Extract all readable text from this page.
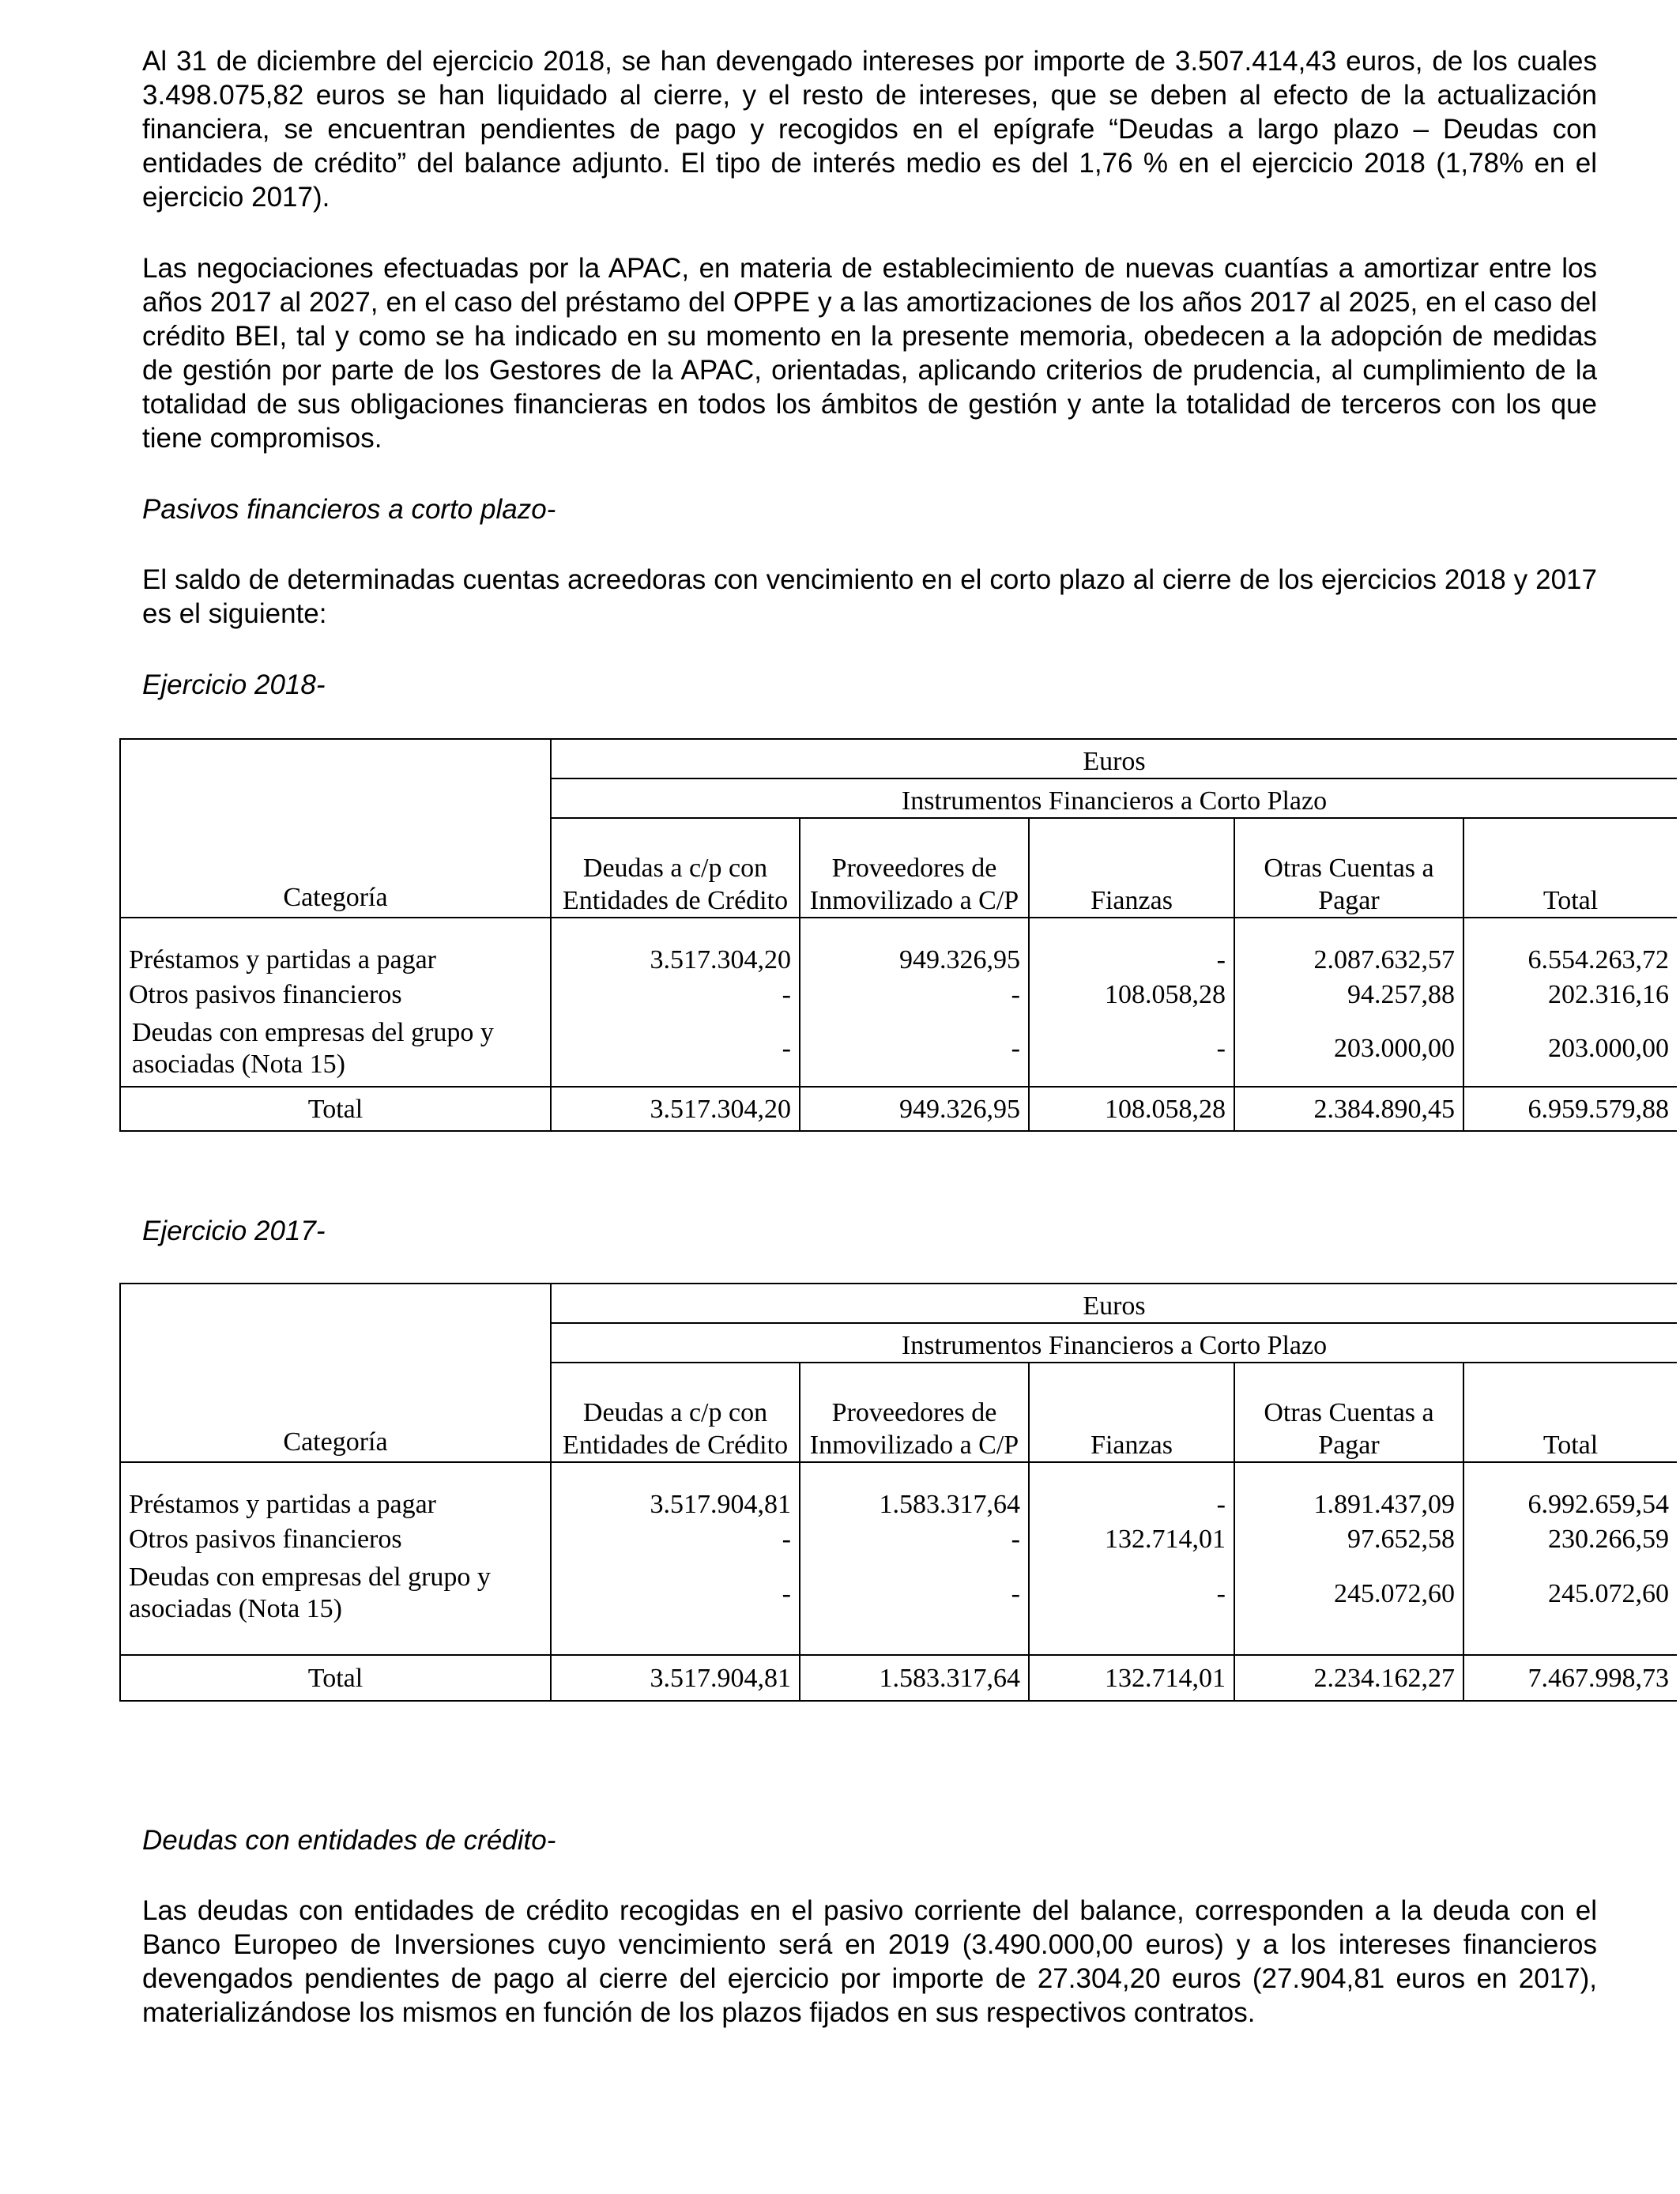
Al 31 de diciembre del ejercicio 2018, se han devengado intereses por importe de 3.507.414,43 euros, de los cuales 3.498.075,82 euros se han liquidado al cierre, y el resto de intereses, que se deben al efecto de la actualización financiera, se encuentran pendientes de pago y recogidos en el epígrafe “Deudas a largo plazo – Deudas con entidades de crédito” del balance adjunto. El tipo de interés medio es del 1,76 % en el ejercicio 2018 (1,78% en el ejercicio 2017).

Las negociaciones efectuadas por la APAC, en materia de establecimiento de nuevas cuantías a amortizar entre los años 2017 al 2027, en el caso del préstamo del OPPE y a las amortizaciones de los años 2017 al 2025, en el caso del crédito BEI, tal y como se ha indicado en su momento en la presente memoria, obedecen a la adopción de medidas de gestión por parte de los Gestores de la APAC, orientadas, aplicando criterios de prudencia, al cumplimiento de la totalidad de sus obligaciones financieras en todos los ámbitos de gestión y ante la totalidad de terceros con los que tiene compromisos.

Pasivos financieros a corto plazo-

El saldo de determinadas cuentas acreedoras con vencimiento en el corto plazo al cierre de los ejercicios 2018 y 2017 es el siguiente:

Ejercicio 2018-

Categoría	Euros				
	Instrumentos Financieros a Corto Plazo				
	Deudas a c/p con Entidades de Crédito	Proveedores de Inmovilizado a C/P	Fianzas	Otras Cuentas a Pagar	Total

Préstamos y partidas a pagar	3.517.304,20	949.326,95	-	2.087.632,57	6.554.263,72
Otros pasivos financieros	-	-	108.058,28	94.257,88	202.316,16
Deudas con empresas del grupo y asociadas (Nota 15)	-	-	-	203.000,00	203.000,00
Total	3.517.304,20	949.326,95	108.058,28	2.384.890,45	6.959.579,88

Ejercicio 2017-

Categoría	Euros				
	Instrumentos Financieros a Corto Plazo				
	Deudas a c/p con Entidades de Crédito	Proveedores de Inmovilizado a C/P	Fianzas	Otras Cuentas a Pagar	Total

Préstamos y partidas a pagar	3.517.904,81	1.583.317,64	-	1.891.437,09	6.992.659,54
Otros pasivos financieros	-	-	132.714,01	97.652,58	230.266,59
Deudas con empresas del grupo y asociadas (Nota 15)	-	-	-	245.072,60	245.072,60

Total	3.517.904,81	1.583.317,64	132.714,01	2.234.162,27	7.467.998,73

Deudas con entidades de crédito-

Las deudas con entidades de crédito recogidas en el pasivo corriente del balance, corresponden a la deuda con el Banco Europeo de Inversiones cuyo vencimiento será en 2019 (3.490.000,00 euros) y a los intereses financieros devengados pendientes de pago al cierre del ejercicio por importe de 27.304,20 euros (27.904,81 euros en 2017), materializándose los mismos en función de los plazos fijados en sus respectivos contratos.
